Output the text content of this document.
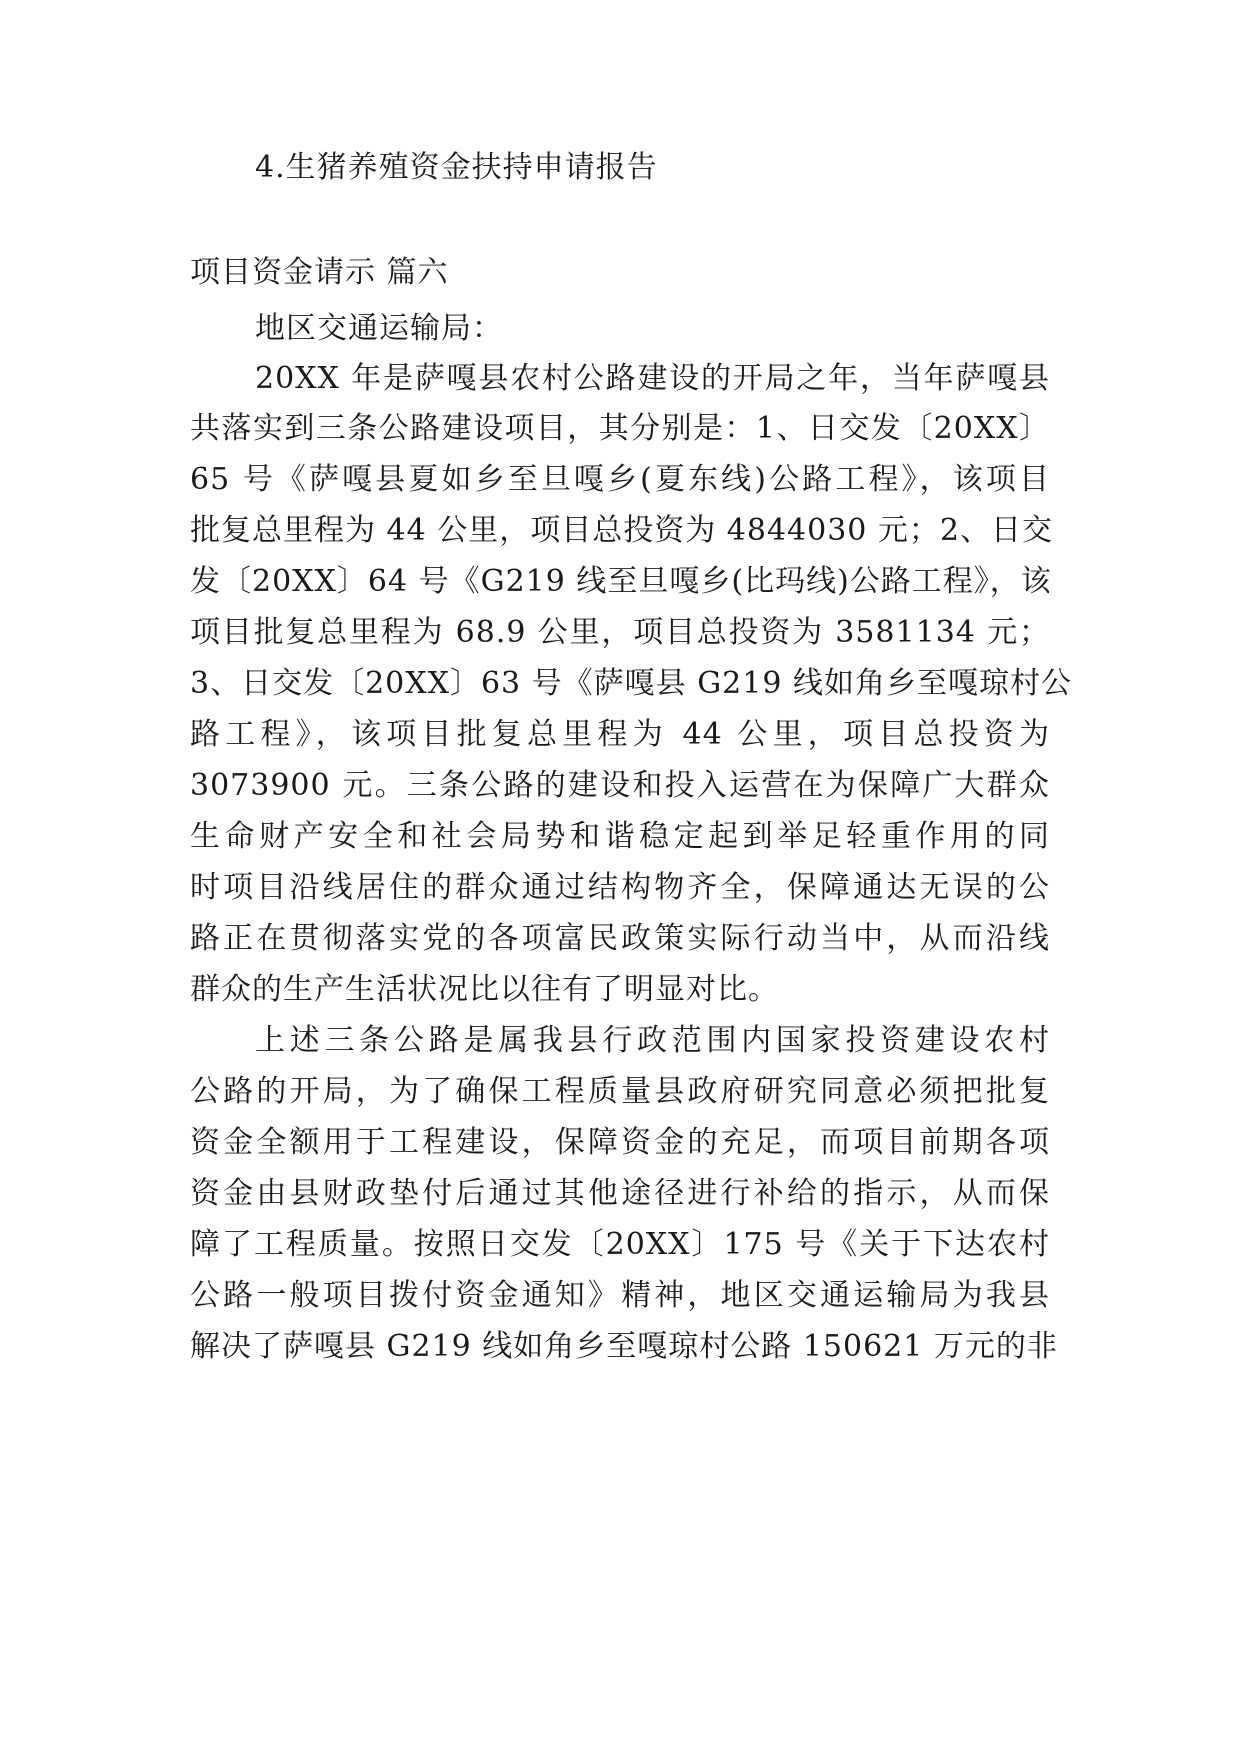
4.生猪养殖资金扶持申请报告

项目资金请示 篇六

地区交通运输局：

20XX 年是萨嘎县农村公路建设的开局之年，当年萨嘎县

共落实到三条公路建设项目，其分别是：1、日交发〔20XX〕

65 号《萨嘎县夏如乡至旦嘎乡(夏东线)公路工程》，该项目

批复总里程为 44 公里，项目总投资为 4844030 元；2、日交

发〔20XX〕64 号《G219 线至旦嘎乡(比玛线)公路工程》，该

项目批复总里程为 68.9 公里，项目总投资为 3581134 元；

3、日交发〔20XX〕63 号《萨嘎县 G219 线如角乡至嘎琼村公

路工程》，该项目批复总里程为 44 公里，项目总投资为

3073900 元。三条公路的建设和投入运营在为保障广大群众

生命财产安全和社会局势和谐稳定起到举足轻重作用的同

时项目沿线居住的群众通过结构物齐全，保障通达无误的公

路正在贯彻落实党的各项富民政策实际行动当中，从而沿线

群众的生产生活状况比以往有了明显对比。

上述三条公路是属我县行政范围内国家投资建设农村

公路的开局，为了确保工程质量县政府研究同意必须把批复

资金全额用于工程建设，保障资金的充足，而项目前期各项

资金由县财政垫付后通过其他途径进行补给的指示，从而保

障了工程质量。按照日交发〔20XX〕175 号《关于下达农村

公路一般项目拨付资金通知》精神，地区交通运输局为我县

解决了萨嘎县 G219 线如角乡至嘎琼村公路 150621 万元的非
